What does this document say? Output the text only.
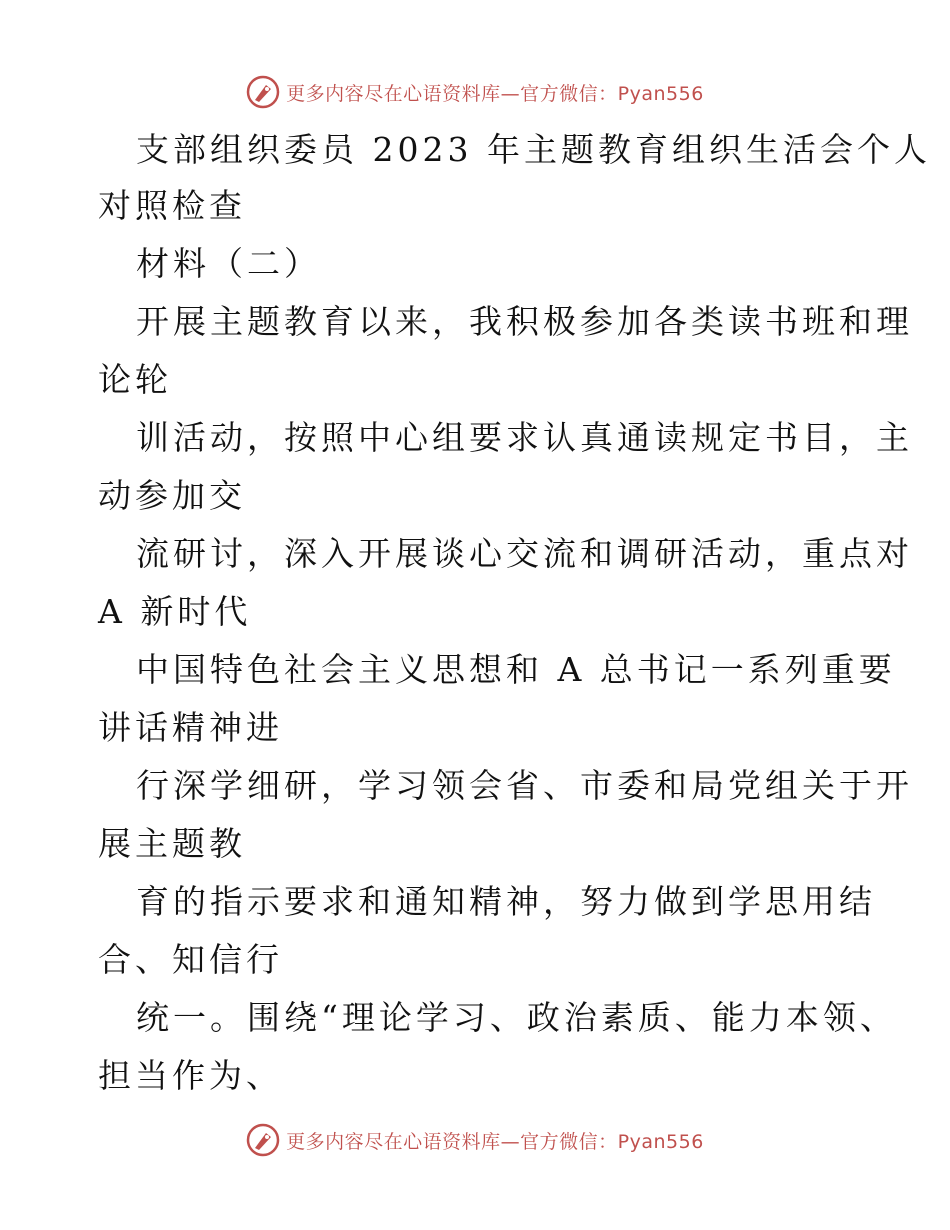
更多内容尽在心语资料库—官方微信：Pyan556
支部组织委员 2023 年主题教育组织生活会个人
对照检查
材料（二）
开展主题教育以来，我积极参加各类读书班和理
论轮
训活动，按照中心组要求认真通读规定书目，主
动参加交
流研讨，深入开展谈心交流和调研活动，重点对
A 新时代
中国特色社会主义思想和 A 总书记一系列重要
讲话精神进
行深学细研，学习领会省、市委和局党组关于开
展主题教
育的指示要求和通知精神，努力做到学思用结
合、知信行
统一。围绕“理论学习、政治素质、能力本领、
担当作为、
更多内容尽在心语资料库—官方微信：Pyan556
